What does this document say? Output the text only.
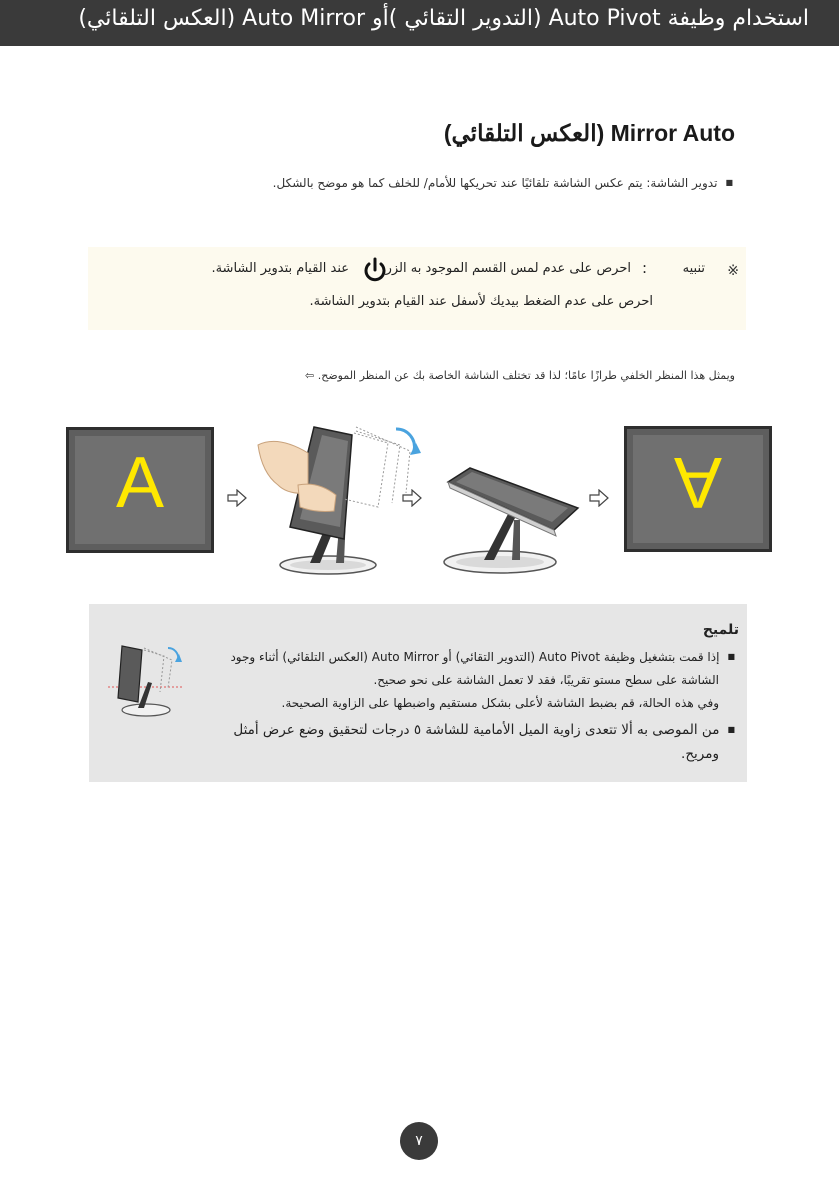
استخدام وظيفة Auto Pivot (التدوير التقائي )أو Auto Mirror (العكس التلقائي)
Mirror Auto (العكس التلقائي)
■تدوير الشاشة: يتم عكس الشاشة تلقائيًا عند تحريكها للأمام/ للخلف كما هو موضح بالشكل.
※
تنبيه
:
احرص على عدم لمس القسم الموجود به الزر
عند القيام بتدوير الشاشة.
احرص على عدم الضغط بيديك لأسفل عند القيام بتدوير الشاشة.
ويمثل هذا المنظر الخلفي طرازًا عامًا؛ لذا قد تختلف الشاشة الخاصة بك عن المنظر الموضح. ⇦
A	A
تلميح
■إذا قمت بتشغيل وظيفة Auto Pivot (التدوير التقائي) أو Auto Mirror (العكس التلقائي) أثناء وجود
الشاشة على سطح مستو تقريبًا، فقد لا تعمل الشاشة على نحو صحيح.
وفي هذه الحالة، قم بضبط الشاشة لأعلى بشكل مستقيم واضبطها على الزاوية الصحيحة.
■من الموصى به ألا تتعدى زاوية الميل الأمامية للشاشة ٥ درجات لتحقيق وضع عرض أمثل
ومريح.
٧
